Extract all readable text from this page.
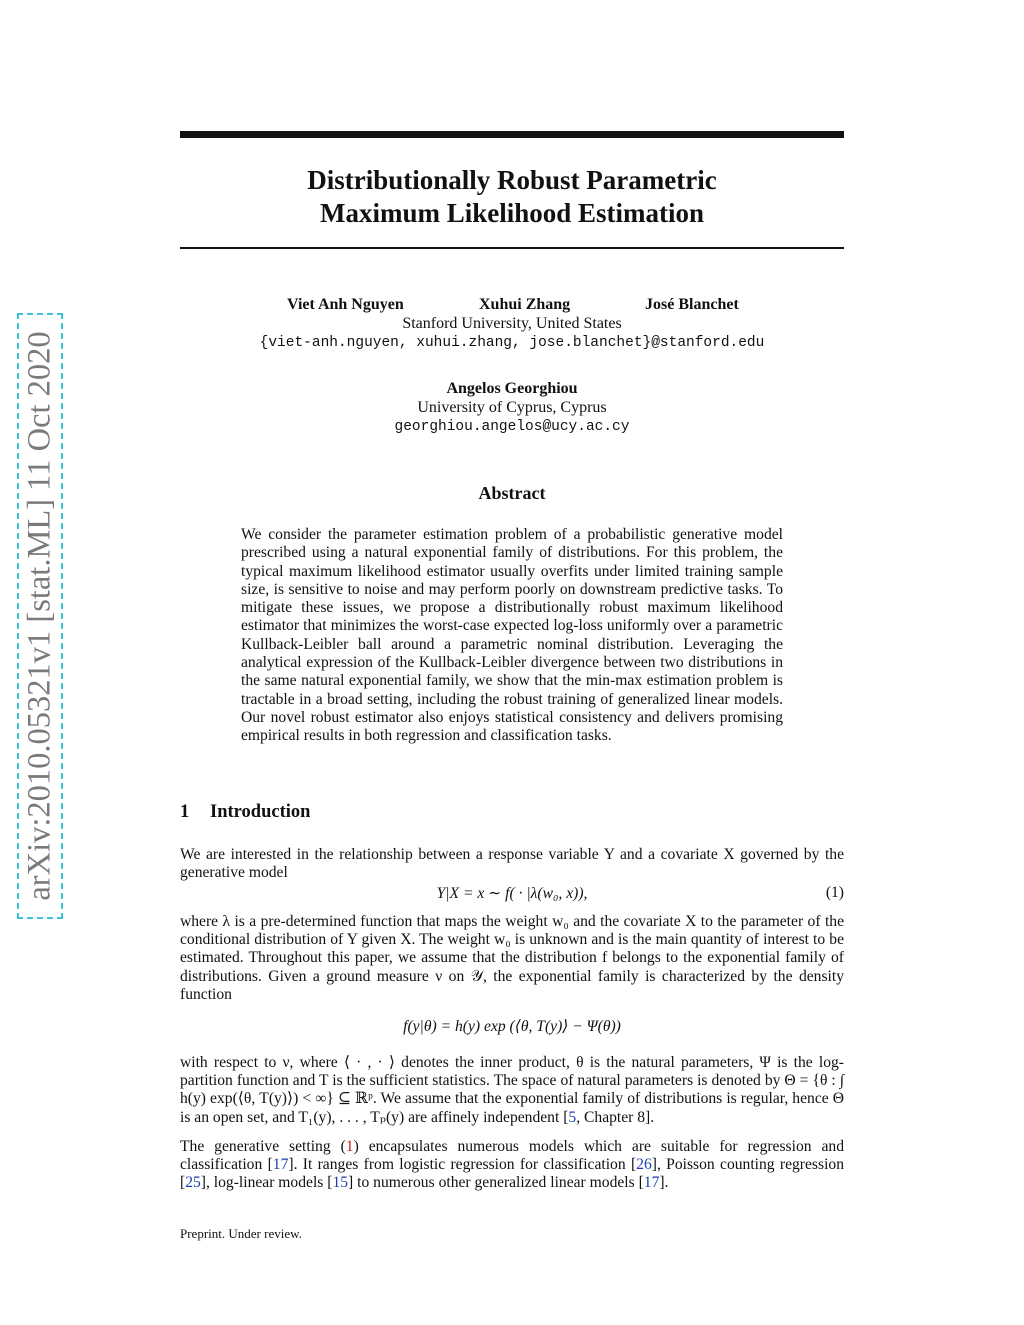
arXiv:2010.05321v1 [stat.ML] 11 Oct 2020
Distributionally Robust Parametric
Maximum Likelihood Estimation
Viet Anh Nguyen	Xuhui Zhang	José Blanchet
Stanford University, United States
{viet-anh.nguyen, xuhui.zhang, jose.blanchet}@stanford.edu
Angelos Georghiou
University of Cyprus, Cyprus
georghiou.angelos@ucy.ac.cy
Abstract
We consider the parameter estimation problem of a probabilistic generative model prescribed using a natural exponential family of distributions. For this problem, the typical maximum likelihood estimator usually overfits under limited training sample size, is sensitive to noise and may perform poorly on downstream predictive tasks. To mitigate these issues, we propose a distributionally robust maximum likelihood estimator that minimizes the worst-case expected log-loss uniformly over a parametric Kullback-Leibler ball around a parametric nominal distribution. Leveraging the analytical expression of the Kullback-Leibler divergence between two distributions in the same natural exponential family, we show that the min-max estimation problem is tractable in a broad setting, including the robust training of generalized linear models. Our novel robust estimator also enjoys statistical consistency and delivers promising empirical results in both regression and classification tasks.
1 Introduction
We are interested in the relationship between a response variable Y and a covariate X governed by the generative model
Y|X = x ∼ f( · |λ(w₀, x)),	(1)
where λ is a pre-determined function that maps the weight w₀ and the covariate X to the parameter of the conditional distribution of Y given X. The weight w₀ is unknown and is the main quantity of interest to be estimated. Throughout this paper, we assume that the distribution f belongs to the exponential family of distributions. Given a ground measure ν on 𝒴, the exponential family is characterized by the density function
f(y|θ) = h(y) exp (⟨θ, T(y)⟩ − Ψ(θ))
with respect to ν, where ⟨ · , · ⟩ denotes the inner product, θ is the natural parameters, Ψ is the log-partition function and T is the sufficient statistics. The space of natural parameters is denoted by Θ = {θ : ∫ h(y) exp(⟨θ, T(y)⟩) < ∞} ⊆ ℝᵖ. We assume that the exponential family of distributions is regular, hence Θ is an open set, and T₁(y), . . . , Tₚ(y) are affinely independent [5, Chapter 8].
The generative setting (1) encapsulates numerous models which are suitable for regression and classification [17]. It ranges from logistic regression for classification [26], Poisson counting regression [25], log-linear models [15] to numerous other generalized linear models [17].
Preprint. Under review.
